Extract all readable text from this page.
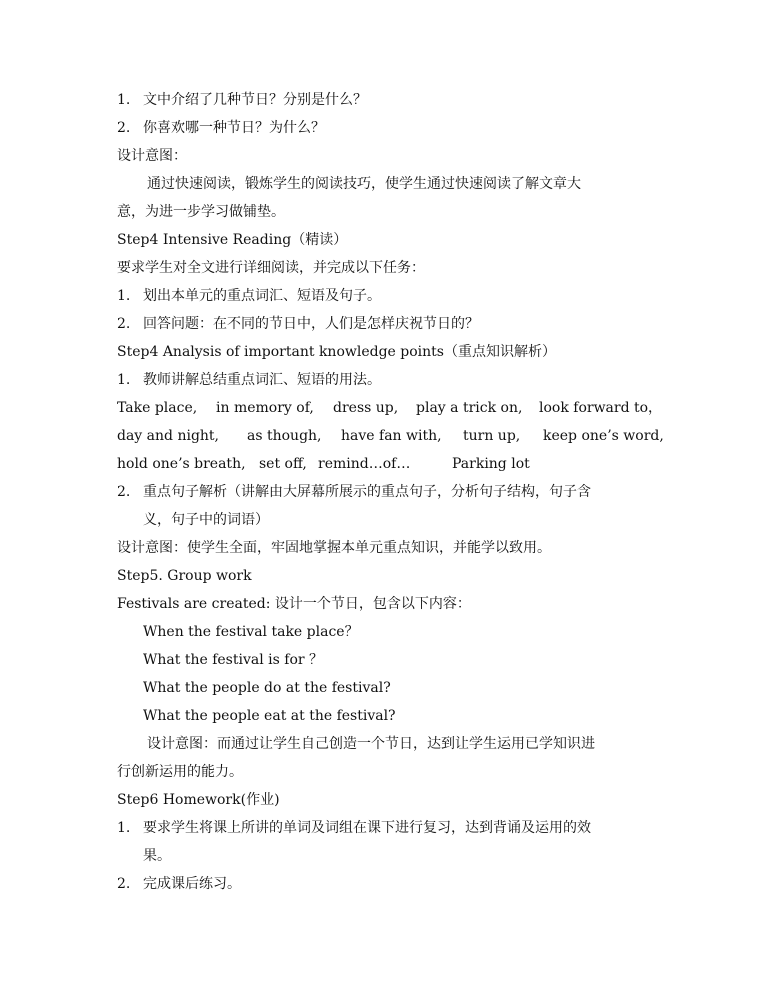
1. 文中介绍了几种节日？分别是什么？
2. 你喜欢哪一种节日？为什么？
设计意图：
通过快速阅读，锻炼学生的阅读技巧，使学生通过快速阅读了解文章大
意，为进一步学习做铺垫。
Step4 Intensive Reading（精读）
要求学生对全文进行详细阅读，并完成以下任务：
1. 划出本单元的重点词汇、短语及句子。
2. 回答问题：在不同的节日中，人们是怎样庆祝节日的？
Step4 Analysis of important knowledge points（重点知识解析）
1. 教师讲解总结重点词汇、短语的用法。
Take place, in memory of, dress up, play a trick on, look forward to，
day and night, as though, have fan with, turn up, keep one’s word,
hold one’s breath, set off, remind…of…	Parking lot
2. 重点句子解析（讲解由大屏幕所展示的重点句子，分析句子结构，句子含
义，句子中的词语）
设计意图：使学生全面，牢固地掌握本单元重点知识，并能学以致用。
Step5. Group work
Festivals are created: 设计一个节日，包含以下内容：
When the festival take place？
What the festival is for ？
What the people do at the festival?
What the people eat at the festival?
设计意图：而通过让学生自己创造一个节日，达到让学生运用已学知识进
行创新运用的能力。
Step6 Homework(作业)
1. 要求学生将课上所讲的单词及词组在课下进行复习，达到背诵及运用的效
果。
2. 完成课后练习。
